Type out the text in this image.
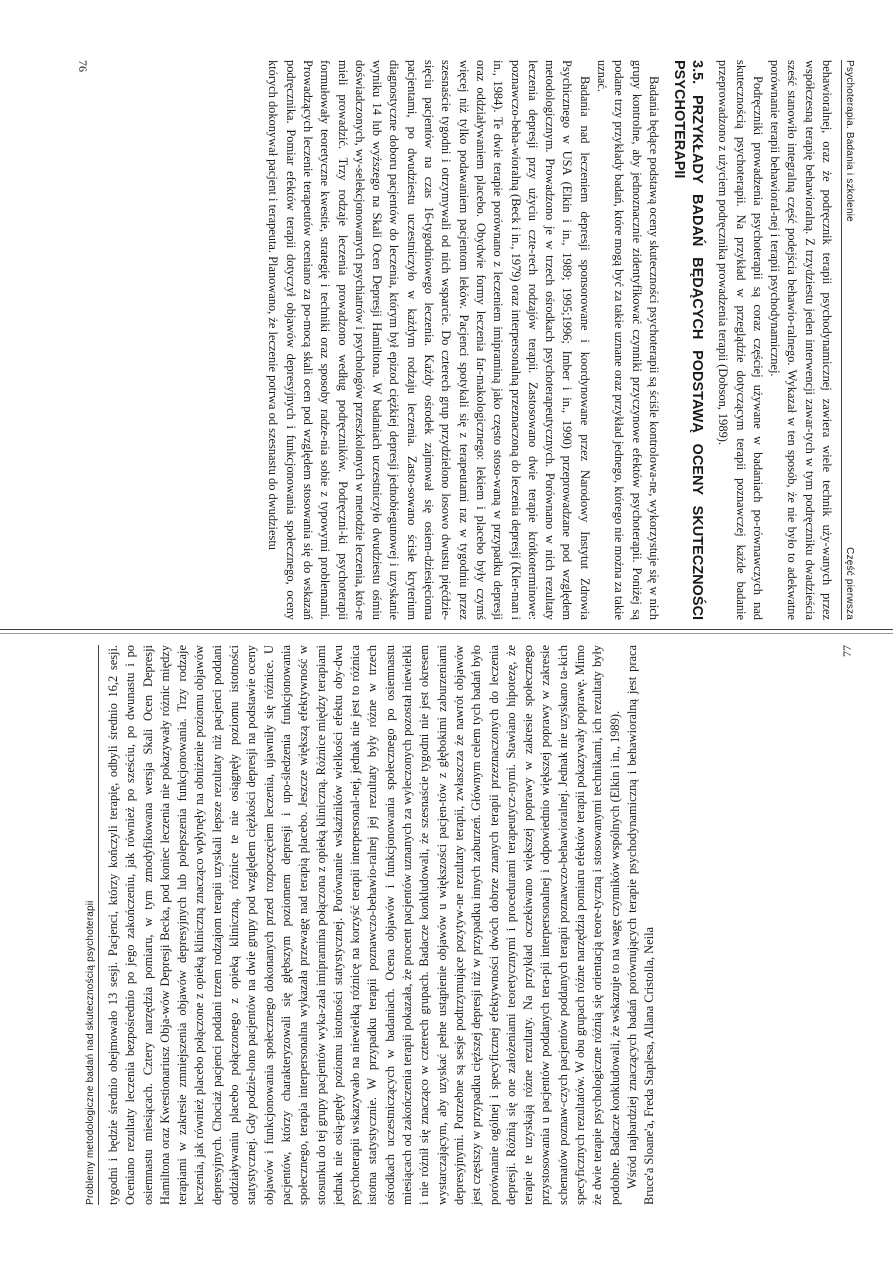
Psychoterapia. Badania i szkolenie
Część pierwsza

behawioralnej, oraz że podręcznik terapii psychodynamicznej zawiera wiele technik uży-wanych przez współczesną terapię behawioralną. Z trzydziestu jeden interwencji zawar-tych w tym podręczniku dwadzieścia sześć stanowiło integralną część podejścia behawio-ralnego. Wykazał w ten sposób, że nie było to adekwatne porównanie terapii behawioral-nej i terapii psychodynamicznej.

Podręczniki prowadzenia psychoterapii są coraz częściej używane w badaniach po-równawczych nad skutecznością psychoterapii. Na przykład w przeglądzie dotyczącym terapii poznawczej każde badanie przeprowadzono z użyciem podręcznika prowadzenia terapii (Dobson, 1989).

3.5. PRZYKŁADY BADAŃ BĘDĄCYCH PODSTAWĄ OCENY SKUTECZNOŚCI PSYCHOTERAPII

Badania będące podstawą oceny skuteczności psychoterapii są ściśle kontrolowa-ne, wykorzystuje się w nich grupy kontrolne, aby jednoznacznie zidentyfikować czynniki przyczynowe efektów psychoterapii. Poniżej są podane trzy przykłady badań, które mogą być za takie uznane oraz przykład jednego, którego nie można za takie uznać.

Badania nad leczeniem depresji sponsorowane i koordynowane przez Narodowy Instytut Zdrowia Psychicznego w USA (Elkin i in., 1989; 1995;1996; Imber i in., 1990) przeprowadzane pod względem metodologicznym. Prowadzono je w trzech ośrodkach psychoterapeutycznych. Porównano w nich rezultaty leczenia depresji przy użyciu czte-rech rodzajów terapii. Zastosowano dwie terapie krótkoterminowe: poznawczo-beha-wioralną (Beck i in., 1979) oraz interpersonalną przeznaczoną do leczenia depresji (Kler-man i in., 1984). Te dwie terapie porównano z leczeniem imipraminą jako często stoso-waną w przypadku depresji oraz oddziaływaniem placebo. Obydwie formy leczenia far-makologicznego: lekiem i placebo były czymś więcej niż tylko podawaniem pacjentom leków. Pacjenci spotykali się z terapeutami raz w tygodniu przez szesnaście tygodni i otrzymywali od nich wsparcie. Do czterech grup przydzielono losowo dwustu pięćdzie-sięciu pacjentów na czas 16-tygodniowego leczenia. Każdy ośrodek zajmował się osiem-dziesięcioma pacjentami, po dwudziestu uczestniczyło w każdym rodzaju leczenia. Zasto-sowano ścisłe kryterium diagnostyczne doboru pacjentów do leczenia, którym był epizod ciężkiej depresji jednobiegunowej i uzyskanie wyniku 14 lub wyższego na Skali Ocen Depresji Hamiltona. W badaniach uczestniczyło dwudziestu ośmiu doświadczonych, wy-selekcjonowanych psychiatrów i psychologów przeszkolonych w metodzie leczenia, któ-re mieli prowadzić. Trzy rodzaje leczenia prowadzono według podręczników. Podręczni-ki psychoterapii formułowały teoretyczne kwestie, strategię i techniki oraz sposoby radze-nia sobie z typowymi problemami. Prowadzących leczenie terapeutów oceniano za po-mocą skali ocen pod względem stosowania się do wskazań podręcznika. Pomiar efektów terapii dotyczył objawów depresyjnych i funkcjonowania społecznego, oceny których dokonywał pacjent i terapeuta. Planowano, że leczenie potrwa od szesnastu do dwudziestu

76
Problemy metodologiczne badań nad skutecznością psychoterapii tygodni i będzie średnio obejmowało 13 sesji. Pacjenci, którzy kończyli terapię, odbyli średnio 16,2 sesji. Oceniano rezultaty leczenia bezpośrednio po jego zakończeniu, jak również po sześciu, po dwunastu i po osiemnastu miesiącach. Cztery narzędzia pomiaru, w tym zmodyfikowana wersja Skali Ocen Depresji Hamiltona oraz Kwestionariusz Obja-wów Depresji Becka, pod koniec leczenia nie pokazywały różnic między terapiami w zakresie zmniejszenia objawów depresyjnych lub polepszenia funkcjonowania. Trzy rodzaje leczenia, jak również placebo połączone z opieką kliniczną znacząco wpłynęły na obniżenie poziomu objawów depresyjnych. Chociaż pacjenci poddani trzem rodzajom terapii uzyskali lepsze rezultaty niż pacjenci poddani oddziaływaniu placebo połączonego z opieką kliniczną, różnice te nie osiągnęły poziomu istotności statystycznej. Gdy podzie-lono pacjentów na dwie grupy pod względem ciężkości depresji na podstawie oceny objawów i funkcjonowania społecznego dokonanych przed rozpoczęciem leczenia, ujawniły się różnice. U pacjentów, którzy charakteryzowali się głębszym poziomem depresji i upo-śledzenia funkcjonowania społecznego, terapia interpersonalna wykazała przewagę nad terapią placebo. Jeszcze większą efektywność w stosunku do tej grupy pacjentów wyka-zała imipramina połączona z opieką kliniczną. Różnice między terapiami jednak nie osią-gnęły poziomu istotności statystycznej. Porównanie wskaźników wielkości efektu oby-dwu psychoterapii wskazywało na niewielką różnicę na korzyść terapii interpersonal-nej, jednak nie jest to różnica istotna statystycznie. W przypadku terapii poznawczo-behawio-ralnej jej rezultaty były różne w trzech ośrodkach uczestniczących w badaniach. Ocena objawów i funkcjonowania społecznego po osiemnastu miesiącach od zakończenia terapii pokazała, że procent pacjentów uznanych za wyleczonych pozostał niewielki i nie różnił się znacząco w czterech grupach. Badacze konkludowali, że szesnaście tygodni nie jest okresem wystarczającym, aby uzyskać pełne ustąpienie objawów u większości pacjen-tów z głębokimi zaburzeniami depresyjnymi. Potrzebne są sesje podtrzymujące pozytyw-ne rezultaty terapii, zwłaszcza że nawrót objawów jest częstszy w przypadku cięższej depresji niż w przypadku innych zaburzeń. Głównym celem tych badań było porównanie ogólnej i specyficznej efektywności dwóch dobrze znanych terapii przeznaczonych do leczenia depresji. Różnią się one założeniami teoretycznymi i procedurami terapeutycz-nymi. Stawiano hipotezę, że terapie te uzyskają różne rezultaty. Na przykład oczekiwano większej poprawy w zakresie społecznego przystosowania u pacjentów poddanych tera-pii interpersonalnej i odpowiednio większej poprawy w zakresie schematów poznaw-czych pacjentów poddanych terapii poznawczo-behawioralnej. Jednak nie uzyskano ta-kich specyficznych rezultatów. W obu grupach różne narzędzia pomiaru efektów terapii pokazywały poprawę. Mimo że dwie terapie psychologiczne różnią się orientacją teore-tyczną i stosowanymi technikami, ich rezultaty były podobne. Badacze konkludowali, że wskazuje to na wagę czynników wspólnych (Elkin i in., 1989). Wśród najbardziej znaczących badań porównujących terapie psychodynamiczną i behawioralną jest praca Bruce'a Sloane'a, Freda Staplesa, Allana Cristolla, Neila

77
